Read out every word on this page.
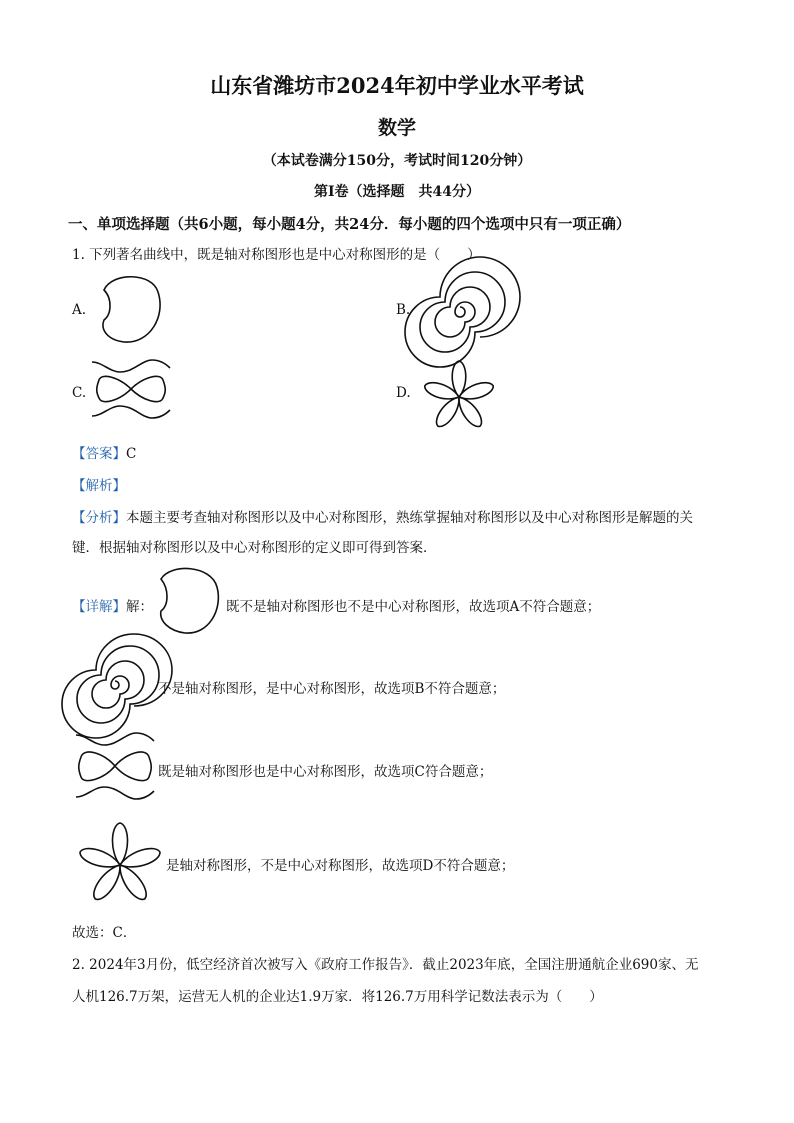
山东省潍坊市2024年初中学业水平考试
数学
（本试卷满分150分，考试时间120分钟）
第Ⅰ卷（选择题　共44分）
一、单项选择题（共6小题，每小题4分，共24分．每小题的四个选项中只有一项正确）
1. 下列著名曲线中，既是轴对称图形也是中心对称图形的是（　　）
A.	B.
C.	D.
【答案】C
【解析】
【分析】本题主要考查轴对称图形以及中心对称图形，熟练掌握轴对称图形以及中心对称图形是解题的关
键．根据轴对称图形以及中心对称图形的定义即可得到答案．
【详解】解：	既不是轴对称图形也不是中心对称图形，故选项A不符合题意；
不是轴对称图形，是中心对称图形，故选项B不符合题意；
既是轴对称图形也是中心对称图形，故选项C符合题意；
是轴对称图形，不是中心对称图形，故选项D不符合题意；
故选：C．
2. 2024年3月份，低空经济首次被写入《政府工作报告》．截止2023年底，全国注册通航企业690家、无
人机126.7万架，运营无人机的企业达1.9万家．将126.7万用科学记数法表示为（　　）
